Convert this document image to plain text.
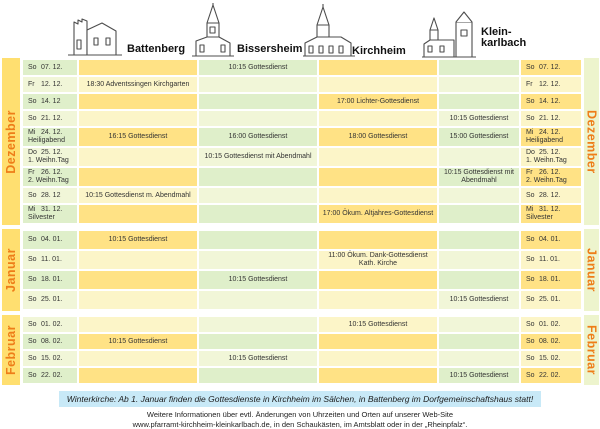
Battenberg	Bissersheim	Kirchheim
Klein-
karlbach
Dezember
So 07. 12.		10:15 Gottesdienst			So 07. 12.

Fr 12. 12.	18:30 Adventssingen Kirchgarten				Fr 12. 12.

So 14. 12			17:00 Lichter-Gottesdienst		So 14. 12.

So 21. 12.				10:15 Gottesdienst	So 21. 12.

Mi 24. 12.
Heiligabend
	16:15 Gottesdienst	16:00 Gottesdienst	18:00 Gottesdienst	15:00 Gottesdienst	
Mi 24. 12.
Heiligabend

Do 25. 12.
1. Weihn.Tag
		10:15 Gottesdienst mit Abendmahl			
Do 25. 12.
1. Weihn.Tag

Fr 26. 12.
2. Weihn.Tag
				10:15 Gottesdienst mit Abendmahl	
Fr 26. 12.
2. Weihn.Tag

So 28. 12	10:15 Gottesdienst m. Abendmahl				So 28. 12.

Mi 31. 12.
Silvester
			17:00 Ökum. Altjahres-Gottesdienst		
Mi 31. 12.
Silvester
Dezember
Januar
So 04. 01.	10:15 Gottesdienst				So 04. 01.

So 11. 01.			11:00 Ökum. Dank-Gottesdienst Kath. Kirche		So 11. 01.

So 18. 01.		10:15 Gottesdienst			So 18. 01.

So 25. 01.				10:15 Gottesdienst	So 25. 01.
Januar
Februar
So 01. 02.			10:15 Gottesdienst		So 01. 02.

So 08. 02.	10:15 Gottesdienst				So 08. 02.

So 15. 02.		10:15 Gottesdienst			So 15. 02.

So 22. 02.				10:15 Gottesdienst	So 22. 02. Februar
Winterkirche: Ab 1. Januar finden die Gottesdienste in Kirchheim im Sälchen, in Battenberg im Dorfgemeinschaftshaus statt!
Weitere Informationen über evtl. Änderungen von Uhrzeiten und Orten auf unserer Web-Site
www.pfarramt-kirchheim-kleinkarlbach.de, in den Schaukästen, im Amtsblatt oder in der „Rheinpfalz“.
